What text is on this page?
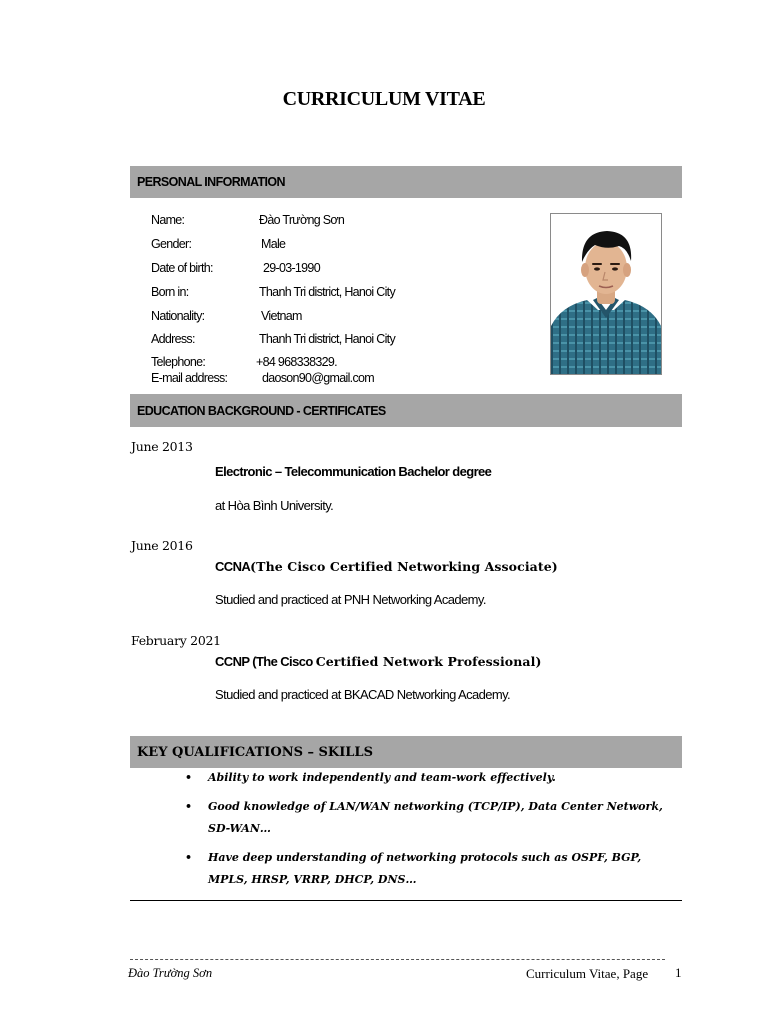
CURRICULUM VITAE
PERSONAL INFORMATION
Name:	Đào Trường Sơn
Gender:	Male
Date of birth:	29-03-1990
Born in:	Thanh Tri district, Hanoi City
Nationality:	Vietnam
Address:	Thanh Tri district, Hanoi City
Telephone:	+84 968338329.
E-mail address:	daoson90@gmail.com
EDUCATION BACKGROUND - CERTIFICATES
June 2013
Electronic – Telecommunication Bachelor degree
at Hòa Bình University.
June 2016
CCNA(The Cisco Certified Networking Associate)
Studied and practiced at PNH Networking Academy.
February 2021
CCNP (The Cisco Certified Network Professional)
Studied and practiced at BKACAD Networking Academy.
KEY QUALIFICATIONS – SKILLS
• Ability to work independently and team-work effectively.
• Good knowledge of LAN/WAN networking (TCP/IP), Data Center Network, SD-WAN…
• Have deep understanding of networking protocols such as OSPF, BGP, MPLS, HRSP, VRRP, DHCP, DNS…
Đào Trường Sơn	Curriculum Vitae, Page 1
